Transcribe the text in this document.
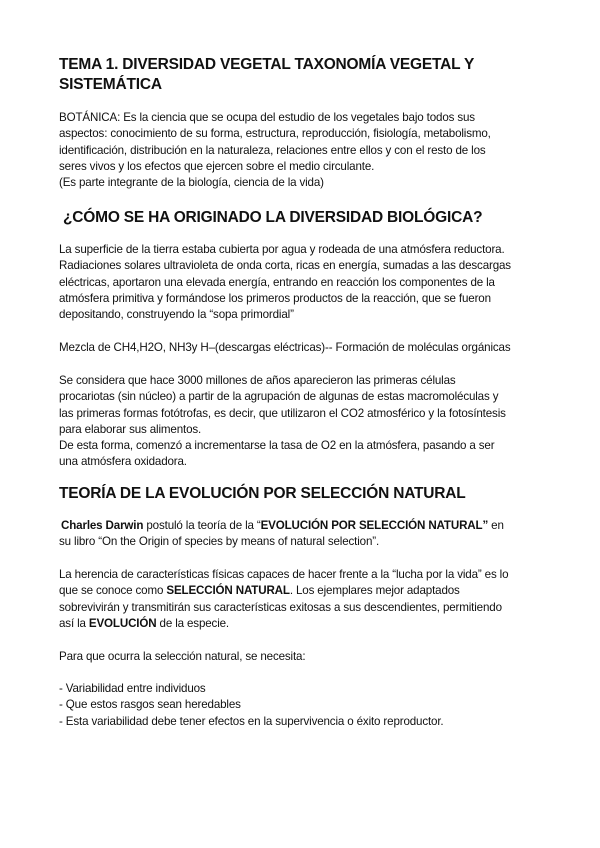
TEMA 1. DIVERSIDAD VEGETAL TAXONOMÍA VEGETAL Y
SISTEMÁTICA
BOTÁNICA: Es la ciencia que se ocupa del estudio de los vegetales bajo todos sus
aspectos: conocimiento de su forma, estructura, reproducción, fisiología, metabolismo,
identificación, distribución en la naturaleza, relaciones entre ellos y con el resto de los
seres vivos y los efectos que ejercen sobre el medio circulante.
(Es parte integrante de la biología, ciencia de la vida)
¿CÓMO SE HA ORIGINADO LA DIVERSIDAD BIOLÓGICA?
La superficie de la tierra estaba cubierta por agua y rodeada de una atmósfera reductora.
Radiaciones solares ultravioleta de onda corta, ricas en energía, sumadas a las descargas
eléctricas, aportaron una elevada energía, entrando en reacción los componentes de la
atmósfera primitiva y formándose los primeros productos de la reacción, que se fueron
depositando, construyendo la “sopa primordial”
Mezcla de CH4,H2O, NH3y H–(descargas eléctricas)-- Formación de moléculas orgánicas
Se considera que hace 3000 millones de años aparecieron las primeras células
procariotas (sin núcleo) a partir de la agrupación de algunas de estas macromoléculas y
las primeras formas fotótrofas, es decir, que utilizaron el CO2 atmosférico y la fotosíntesis
para elaborar sus alimentos.
De esta forma, comenzó a incrementarse la tasa de O2 en la atmósfera, pasando a ser
una atmósfera oxidadora.
TEORÍA DE LA EVOLUCIÓN POR SELECCIÓN NATURAL
Charles Darwin postuló la teoría de la “EVOLUCIÓN POR SELECCIÓN NATURAL” en
su libro “On the Origin of species by means of natural selection”.
La herencia de características físicas capaces de hacer frente a la “lucha por la vida” es lo
que se conoce como SELECCIÓN NATURAL. Los ejemplares mejor adaptados
sobrevivirán y transmitirán sus características exitosas a sus descendientes, permitiendo
así la EVOLUCIÓN de la especie.
Para que ocurra la selección natural, se necesita:
- Variabilidad entre individuos
- Que estos rasgos sean heredables
- Esta variabilidad debe tener efectos en la supervivencia o éxito reproductor.
